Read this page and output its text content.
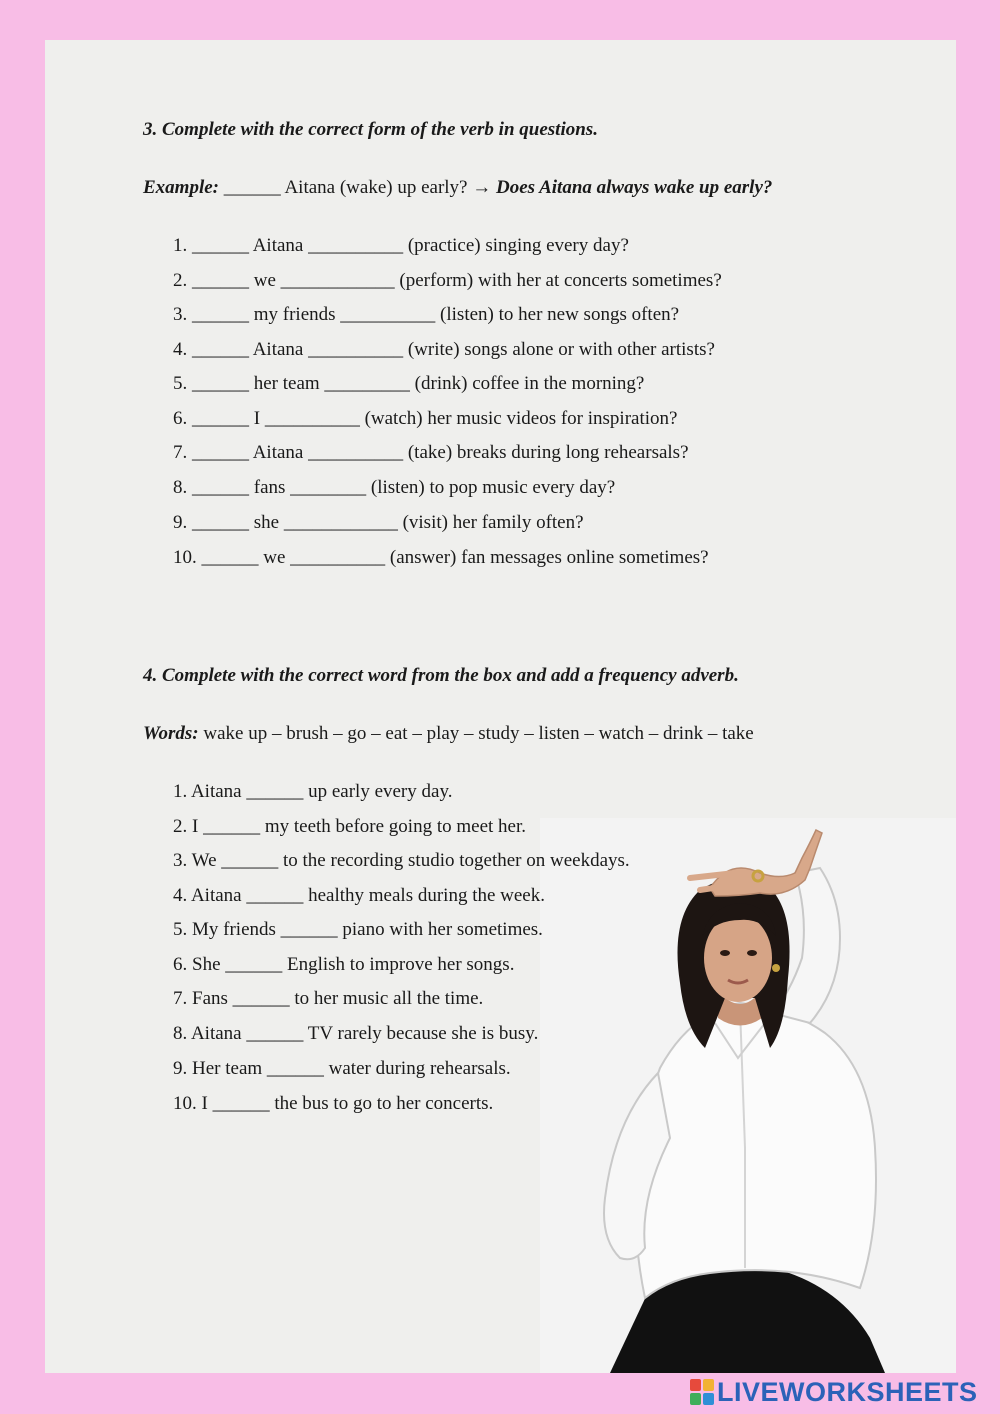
3. Complete with the correct form of the verb in questions.
Example: ______ Aitana (wake) up early? → Does Aitana always wake up early?
1. ______ Aitana __________ (practice) singing every day?
2. ______ we ____________ (perform) with her at concerts sometimes?
3. ______ my friends __________ (listen) to her new songs often?
4. ______ Aitana __________ (write) songs alone or with other artists?
5. ______ her team _________ (drink) coffee in the morning?
6. ______ I __________ (watch) her music videos for inspiration?
7. ______ Aitana __________ (take) breaks during long rehearsals?
8. ______ fans ________ (listen) to pop music every day?
9. ______ she ____________ (visit) her family often?
10. ______ we __________ (answer) fan messages online sometimes?
4. Complete with the correct word from the box and add a frequency adverb.
Words: wake up – brush – go – eat – play – study – listen – watch – drink – take
1. Aitana ______ up early every day.
2. I ______ my teeth before going to meet her.
3. We ______ to the recording studio together on weekdays.
4. Aitana ______ healthy meals during the week.
5. My friends ______ piano with her sometimes.
6. She ______ English to improve her songs.
7. Fans ______ to her music all the time.
8. Aitana ______ TV rarely because she is busy.
9. Her team ______ water during rehearsals.
10. I ______ the bus to go to her concerts.
LIVEWORKSHEETS
